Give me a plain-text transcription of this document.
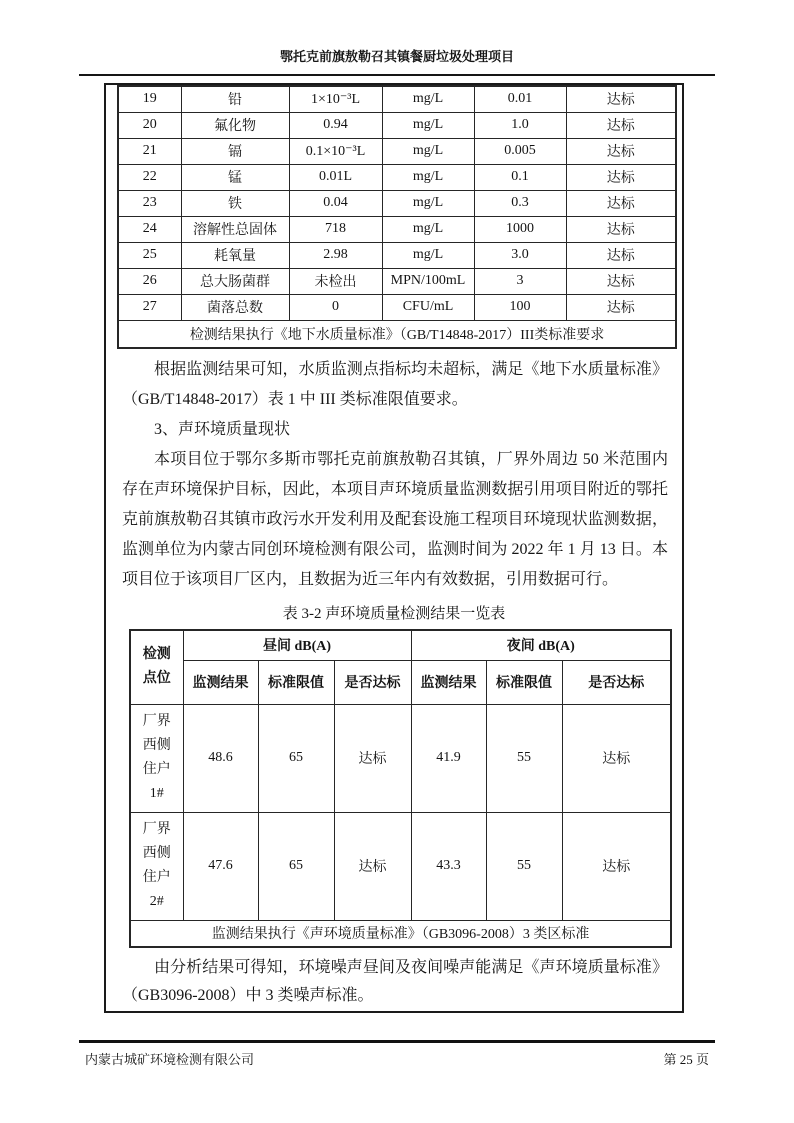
鄂托克前旗敖勒召其镇餐厨垃圾处理项目
19	铅	1×10⁻³L	mg/L	0.01	达标
20	氟化物	0.94	mg/L	1.0	达标
21	镉	0.1×10⁻³L	mg/L	0.005	达标
22	锰	0.01L	mg/L	0.1	达标
23	铁	0.04	mg/L	0.3	达标
24	溶解性总固体	718	mg/L	1000	达标
25	耗氧量	2.98	mg/L	3.0	达标
26	总大肠菌群	未检出	MPN/100mL	3	达标
27	菌落总数	0	CFU/mL	100	达标
检测结果执行《地下水质量标准》（GB/T14848-2017）III类标准要求					

根据监测结果可知，水质监测点指标均未超标，满足《地下水质量标准》（GB/T14848-2017）表 1 中 III 类标准限值要求。

3、声环境质量现状

本项目位于鄂尔多斯市鄂托克前旗敖勒召其镇，厂界外周边 50 米范围内存在声环境保护目标，因此，本项目声环境质量监测数据引用项目附近的鄂托克前旗敖勒召其镇市政污水开发利用及配套设施工程项目环境现状监测数据，监测单位为内蒙古同创环境检测有限公司，监测时间为 2022 年 1 月 13 日。本项目位于该项目厂区内，且数据为近三年内有效数据，引用数据可行。

表 3-2 声环境质量检测结果一览表
检测点位	昼间 dB(A)			夜间 dB(A)		
	监测结果	标准限值	是否达标	监测结果	标准限值	是否达标
厂界西侧住户1#	48.6	65	达标	41.9	55	达标
厂界西侧住户2#	47.6	65	达标	43.3	55	达标
监测结果执行《声环境质量标准》（GB3096-2008）3 类区标准						

由分析结果可得知，环境噪声昼间及夜间噪声能满足《声环境质量标准》（GB3096-2008）中 3 类噪声标准。

内蒙古城矿环境检测有限公司	第 25 页
